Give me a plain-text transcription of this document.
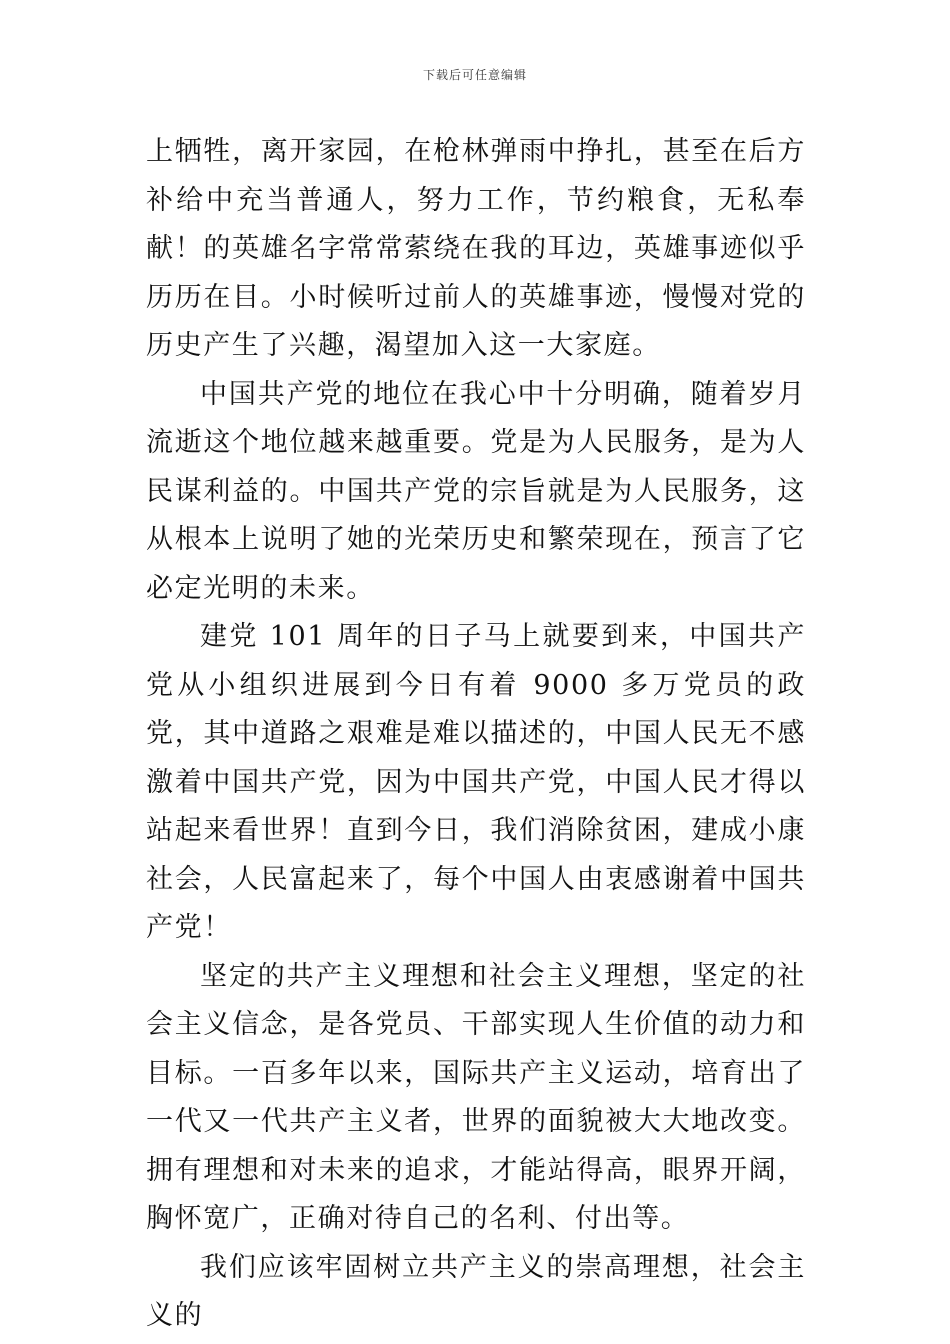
下载后可任意编辑

上牺牲，离开家园，在枪林弹雨中挣扎，甚至在后方补给中充当普通人，努力工作，节约粮食，无私奉献！的英雄名字常常萦绕在我的耳边，英雄事迹似乎历历在目。小时候听过前人的英雄事迹，慢慢对党的历史产生了兴趣，渴望加入这一大家庭。

中国共产党的地位在我心中十分明确，随着岁月流逝这个地位越来越重要。党是为人民服务，是为人民谋利益的。中国共产党的宗旨就是为人民服务，这从根本上说明了她的光荣历史和繁荣现在，预言了它必定光明的未来。

建党 101 周年的日子马上就要到来，中国共产党从小组织进展到今日有着 9000 多万党员的政党，其中道路之艰难是难以描述的，中国人民无不感激着中国共产党，因为中国共产党，中国人民才得以站起来看世界！直到今日，我们消除贫困，建成小康社会，人民富起来了，每个中国人由衷感谢着中国共产党！

坚定的共产主义理想和社会主义理想，坚定的社会主义信念，是各党员、干部实现人生价值的动力和目标。一百多年以来，国际共产主义运动，培育出了一代又一代共产主义者，世界的面貌被大大地改变。拥有理想和对未来的追求，才能站得高，眼界开阔，胸怀宽广，正确对待自己的名利、付出等。

我们应该牢固树立共产主义的崇高理想，社会主义的
